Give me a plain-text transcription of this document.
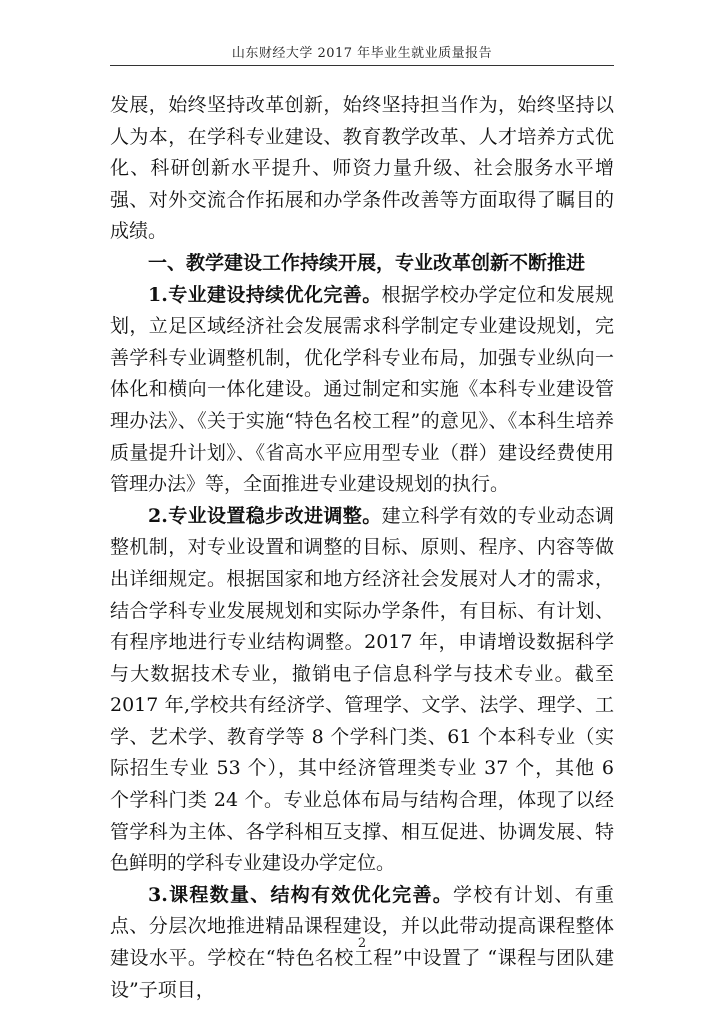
山东财经大学 2017 年毕业生就业质量报告

发展，始终坚持改革创新，始终坚持担当作为，始终坚持以人为本，在学科专业建设、教育教学改革、人才培养方式优化、科研创新水平提升、师资力量升级、社会服务水平增强、对外交流合作拓展和办学条件改善等方面取得了瞩目的成绩。

一、教学建设工作持续开展，专业改革创新不断推进

1.专业建设持续优化完善。根据学校办学定位和发展规划，立足区域经济社会发展需求科学制定专业建设规划，完善学科专业调整机制，优化学科专业布局，加强专业纵向一体化和横向一体化建设。通过制定和实施《本科专业建设管理办法》、《关于实施“特色名校工程”的意见》、《本科生培养质量提升计划》、《省高水平应用型专业（群）建设经费使用管理办法》等，全面推进专业建设规划的执行。

2.专业设置稳步改进调整。建立科学有效的专业动态调整机制，对专业设置和调整的目标、原则、程序、内容等做出详细规定。根据国家和地方经济社会发展对人才的需求，结合学科专业发展规划和实际办学条件，有目标、有计划、有程序地进行专业结构调整。2017 年，申请增设数据科学与大数据技术专业，撤销电子信息科学与技术专业。截至 2017 年,学校共有经济学、管理学、文学、法学、理学、工学、艺术学、教育学等 8 个学科门类、61 个本科专业（实际招生专业 53 个），其中经济管理类专业 37 个，其他 6 个学科门类 24 个。专业总体布局与结构合理，体现了以经管学科为主体、各学科相互支撑、相互促进、协调发展、特色鲜明的学科专业建设办学定位。

3.课程数量、结构有效优化完善。学校有计划、有重点、分层次地推进精品课程建设，并以此带动提高课程整体建设水平。学校在“特色名校工程”中设置了 “课程与团队建设”子项目，

2
